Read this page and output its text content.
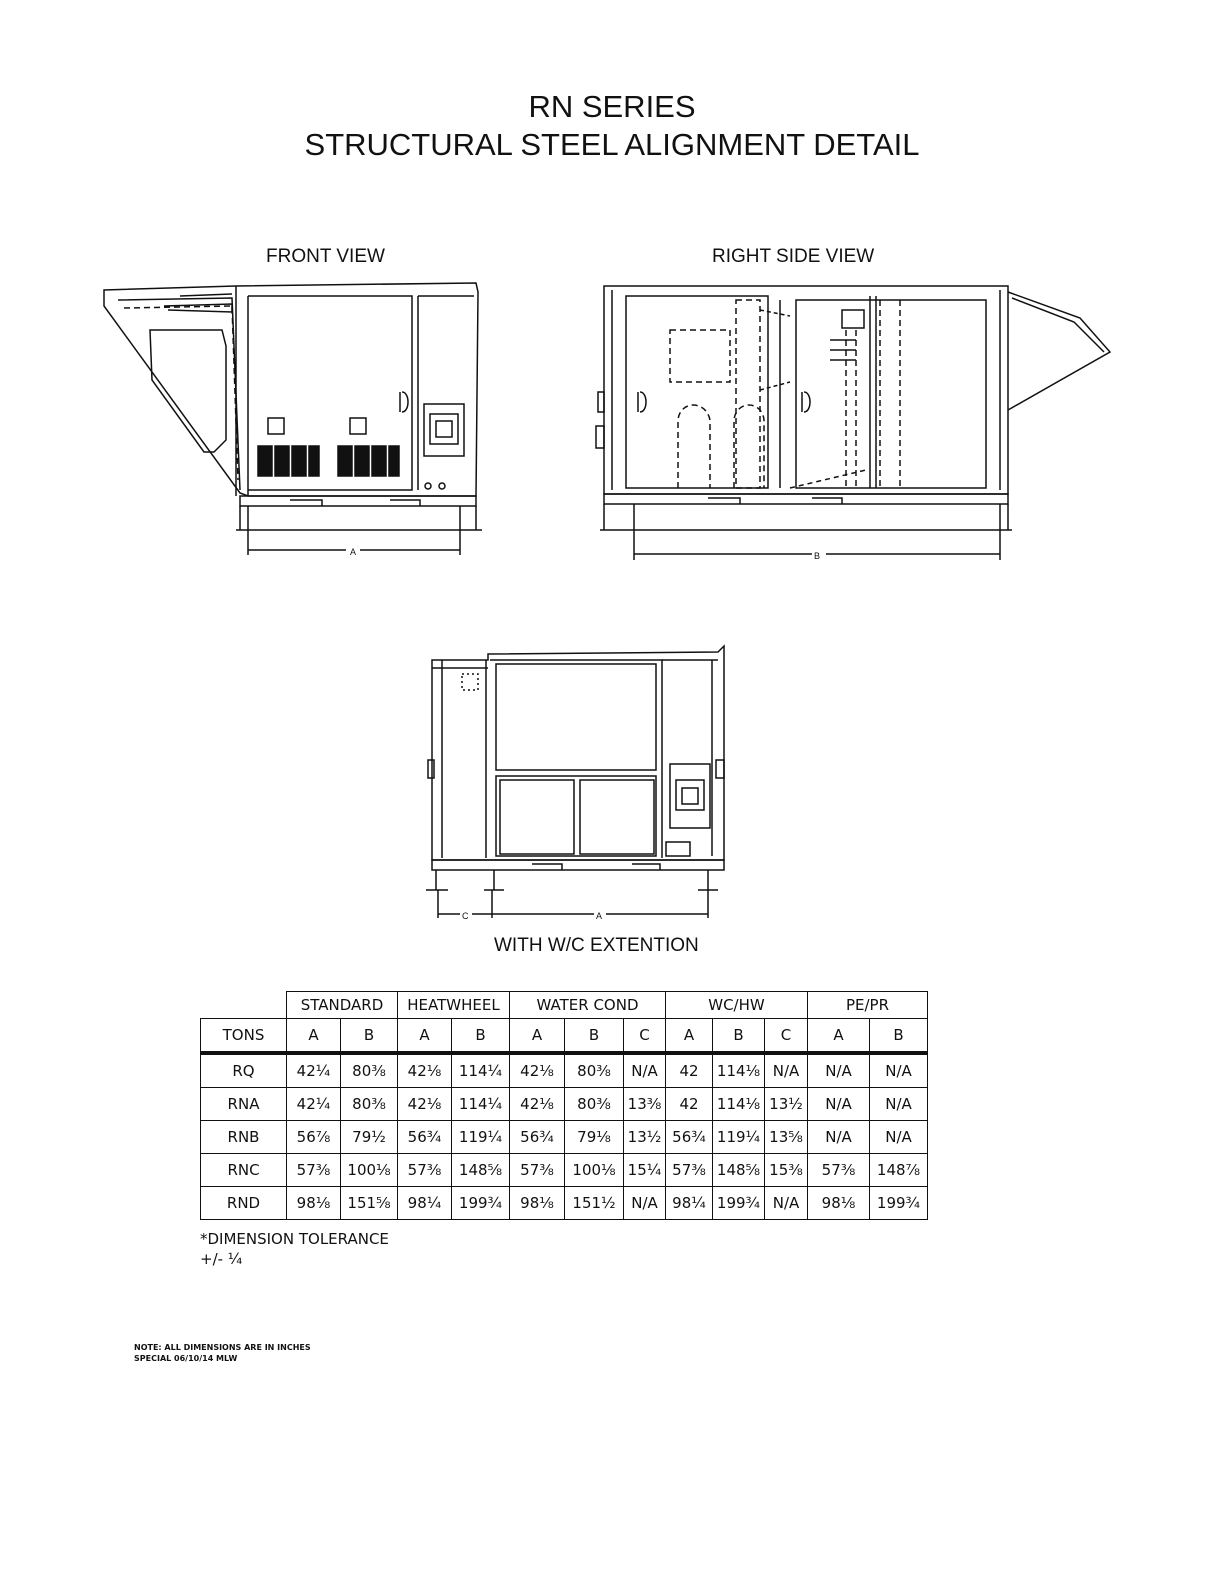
RN SERIES
STRUCTURAL STEEL ALIGNMENT DETAIL
FRONT VIEW	RIGHT SIDE VIEW
WITH W/C EXTENTION
A	B
C	A
	STANDARD		HEATWHEEL		WATER COND			WC/HW			PE/PR	
TONS	A	B	A	B	A	B	C	A	B	C	A	B
RQ	42¼	80⅜	42⅛	114¼	42⅛	80⅜	N/A	42	114⅛	N/A	N/A	N/A
RNA	42¼	80⅜	42⅛	114¼	42⅛	80⅜	13⅜	42	114⅛	13½	N/A	N/A
RNB	56⅞	79½	56¾	119¼	56¾	79⅛	13½	56¾	119¼	13⅝	N/A	N/A
RNC	57⅜	100⅛	57⅜	148⅝	57⅜	100⅛	15¼	57⅜	148⅝	15⅜	57⅜	148⅞
RND	98⅛	151⅝	98¼	199¾	98⅛	151½	N/A	98¼	199¾	N/A	98⅛	199¾
*DIMENSION TOLERANCE
+/- ¼
NOTE: ALL DIMENSIONS ARE IN INCHES
SPECIAL 06/10/14 MLW
